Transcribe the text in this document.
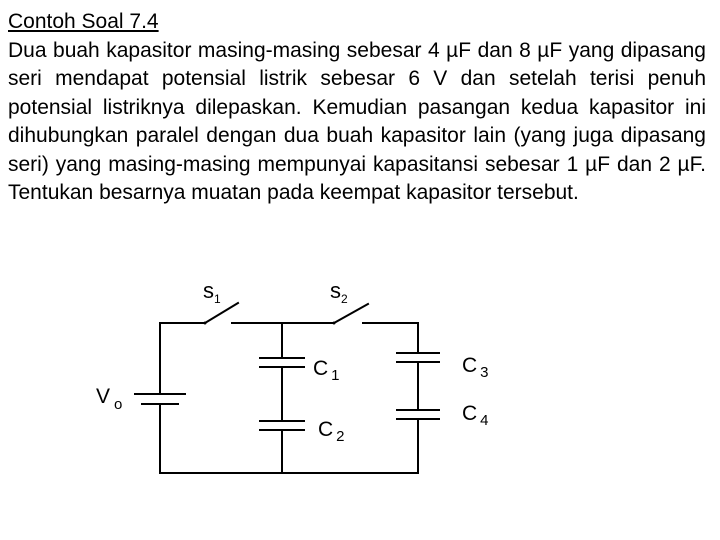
Contoh Soal 7.4
Dua buah kapasitor masing-masing sebesar 4 µF dan 8 µF yang dipasang seri mendapat potensial listrik sebesar 6 V dan setelah terisi penuh potensial listriknya dilepaskan. Kemudian pasangan kedua kapasitor ini dihubungkan paralel dengan dua buah kapasitor lain (yang juga dipasang seri) yang masing-masing mempunyai kapasitansi sebesar 1 µF dan 2 µF. Tentukan besarnya muatan pada keempat kapasitor tersebut.
$s_1$	$s_2$
$V_o$
$C_1$
$C_2$
$C_3$
$C_4$
